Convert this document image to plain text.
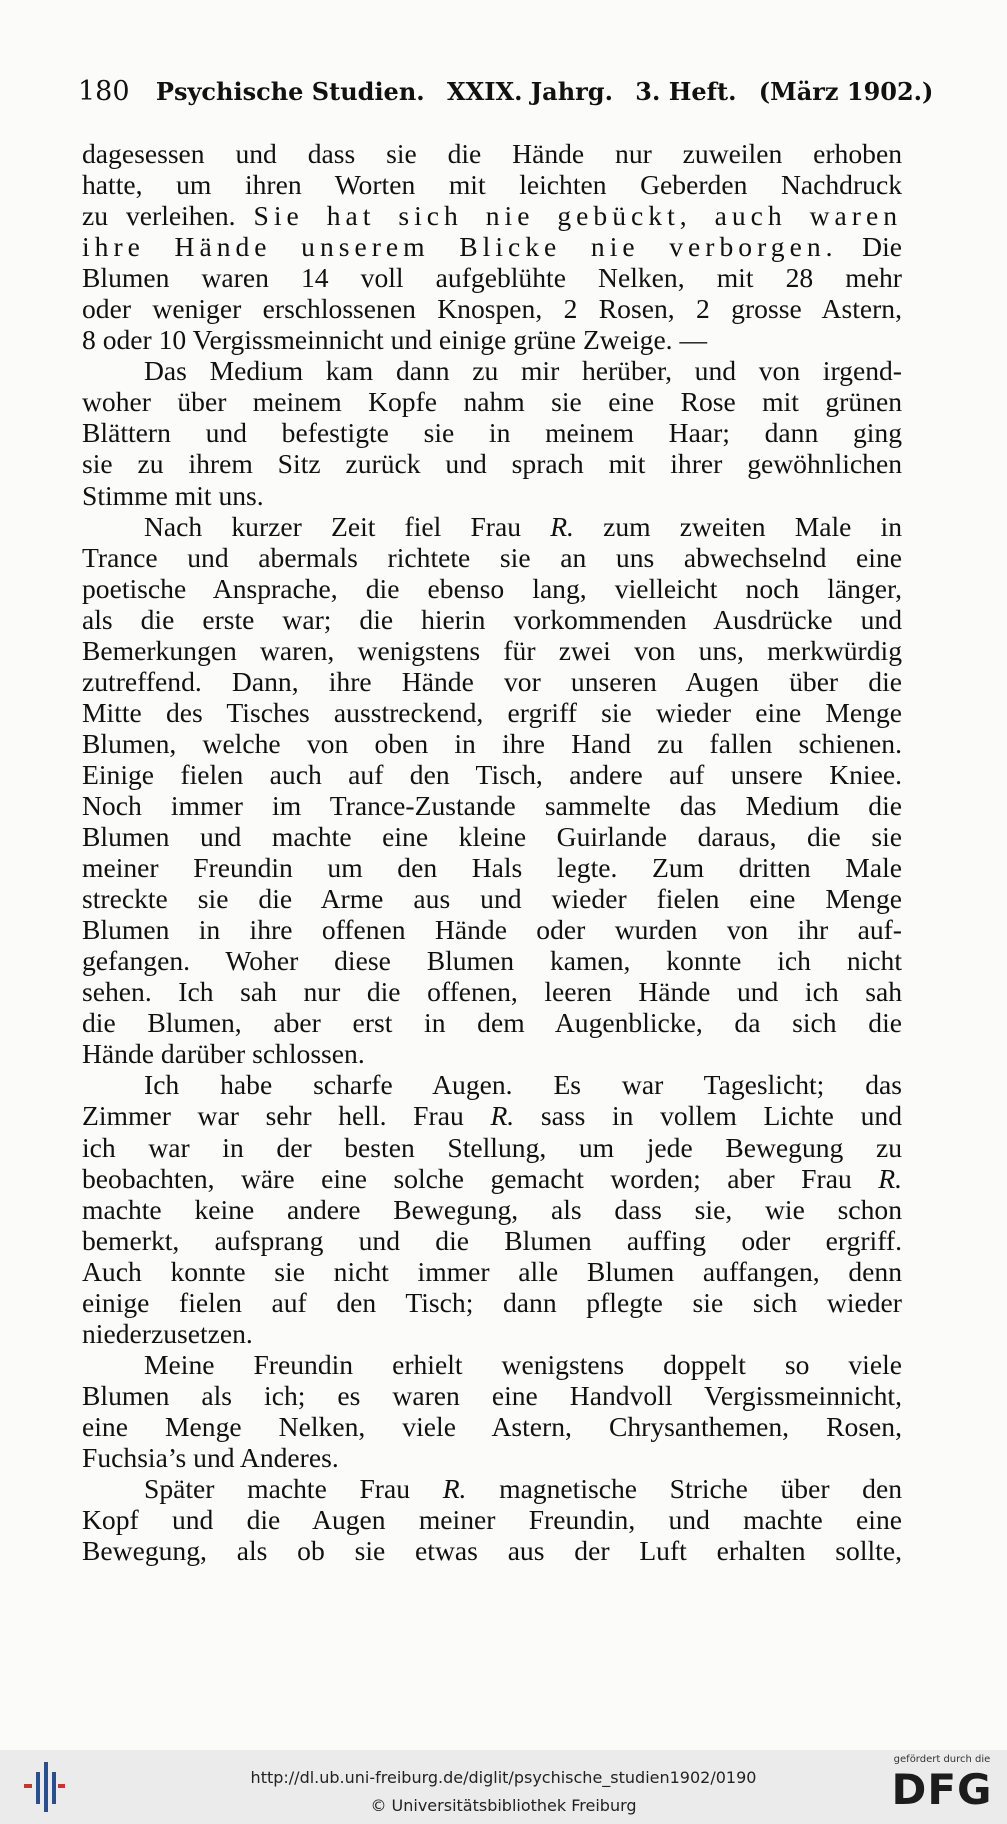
180 Psychische Studien. XXIX. Jahrg. 3. Heft. (März 1902.)

dagesessen und dass sie die Hände nur zuweilen erhoben

hatte, um ihren Worten mit leichten Geberden Nachdruck

zu verleihen. Sie hat sich nie gebückt, auch waren

ihre Hände unserem Blicke nie verborgen. Die

Blumen waren 14 voll aufgeblühte Nelken, mit 28 mehr

oder weniger erschlossenen Knospen, 2 Rosen, 2 grosse Astern,

8 oder 10 Vergissmeinnicht und einige grüne Zweige. —

Das Medium kam dann zu mir herüber, und von irgend-

woher über meinem Kopfe nahm sie eine Rose mit grünen

Blättern und befestigte sie in meinem Haar; dann ging

sie zu ihrem Sitz zurück und sprach mit ihrer gewöhnlichen

Stimme mit uns.

Nach kurzer Zeit fiel Frau R. zum zweiten Male in

Trance und abermals richtete sie an uns abwechselnd eine

poetische Ansprache, die ebenso lang, vielleicht noch länger,

als die erste war; die hierin vorkommenden Ausdrücke und

Bemerkungen waren, wenigstens für zwei von uns, merkwürdig

zutreffend. Dann, ihre Hände vor unseren Augen über die

Mitte des Tisches ausstreckend, ergriff sie wieder eine Menge

Blumen, welche von oben in ihre Hand zu fallen schienen.

Einige fielen auch auf den Tisch, andere auf unsere Kniee.

Noch immer im Trance-Zustande sammelte das Medium die

Blumen und machte eine kleine Guirlande daraus, die sie

meiner Freundin um den Hals legte. Zum dritten Male

streckte sie die Arme aus und wieder fielen eine Menge

Blumen in ihre offenen Hände oder wurden von ihr auf-

gefangen. Woher diese Blumen kamen, konnte ich nicht

sehen. Ich sah nur die offenen, leeren Hände und ich sah

die Blumen, aber erst in dem Augenblicke, da sich die

Hände darüber schlossen.

Ich habe scharfe Augen. Es war Tageslicht; das

Zimmer war sehr hell. Frau R. sass in vollem Lichte und

ich war in der besten Stellung, um jede Bewegung zu

beobachten, wäre eine solche gemacht worden; aber Frau R.

machte keine andere Bewegung, als dass sie, wie schon

bemerkt, aufsprang und die Blumen auffing oder ergriff.

Auch konnte sie nicht immer alle Blumen auffangen, denn

einige fielen auf den Tisch; dann pflegte sie sich wieder

niederzusetzen.

Meine Freundin erhielt wenigstens doppelt so viele

Blumen als ich; es waren eine Handvoll Vergissmeinnicht,

eine Menge Nelken, viele Astern, Chrysanthemen, Rosen,

Fuchsia’s und Anderes.

Später machte Frau R. magnetische Striche über den

Kopf und die Augen meiner Freundin, und machte eine

Bewegung, als ob sie etwas aus der Luft erhalten sollte,

http://dl.ub.uni-freiburg.de/diglit/psychische_studien1902/0190
© Universitätsbibliothek Freiburg
gefördert durch die
DFG
